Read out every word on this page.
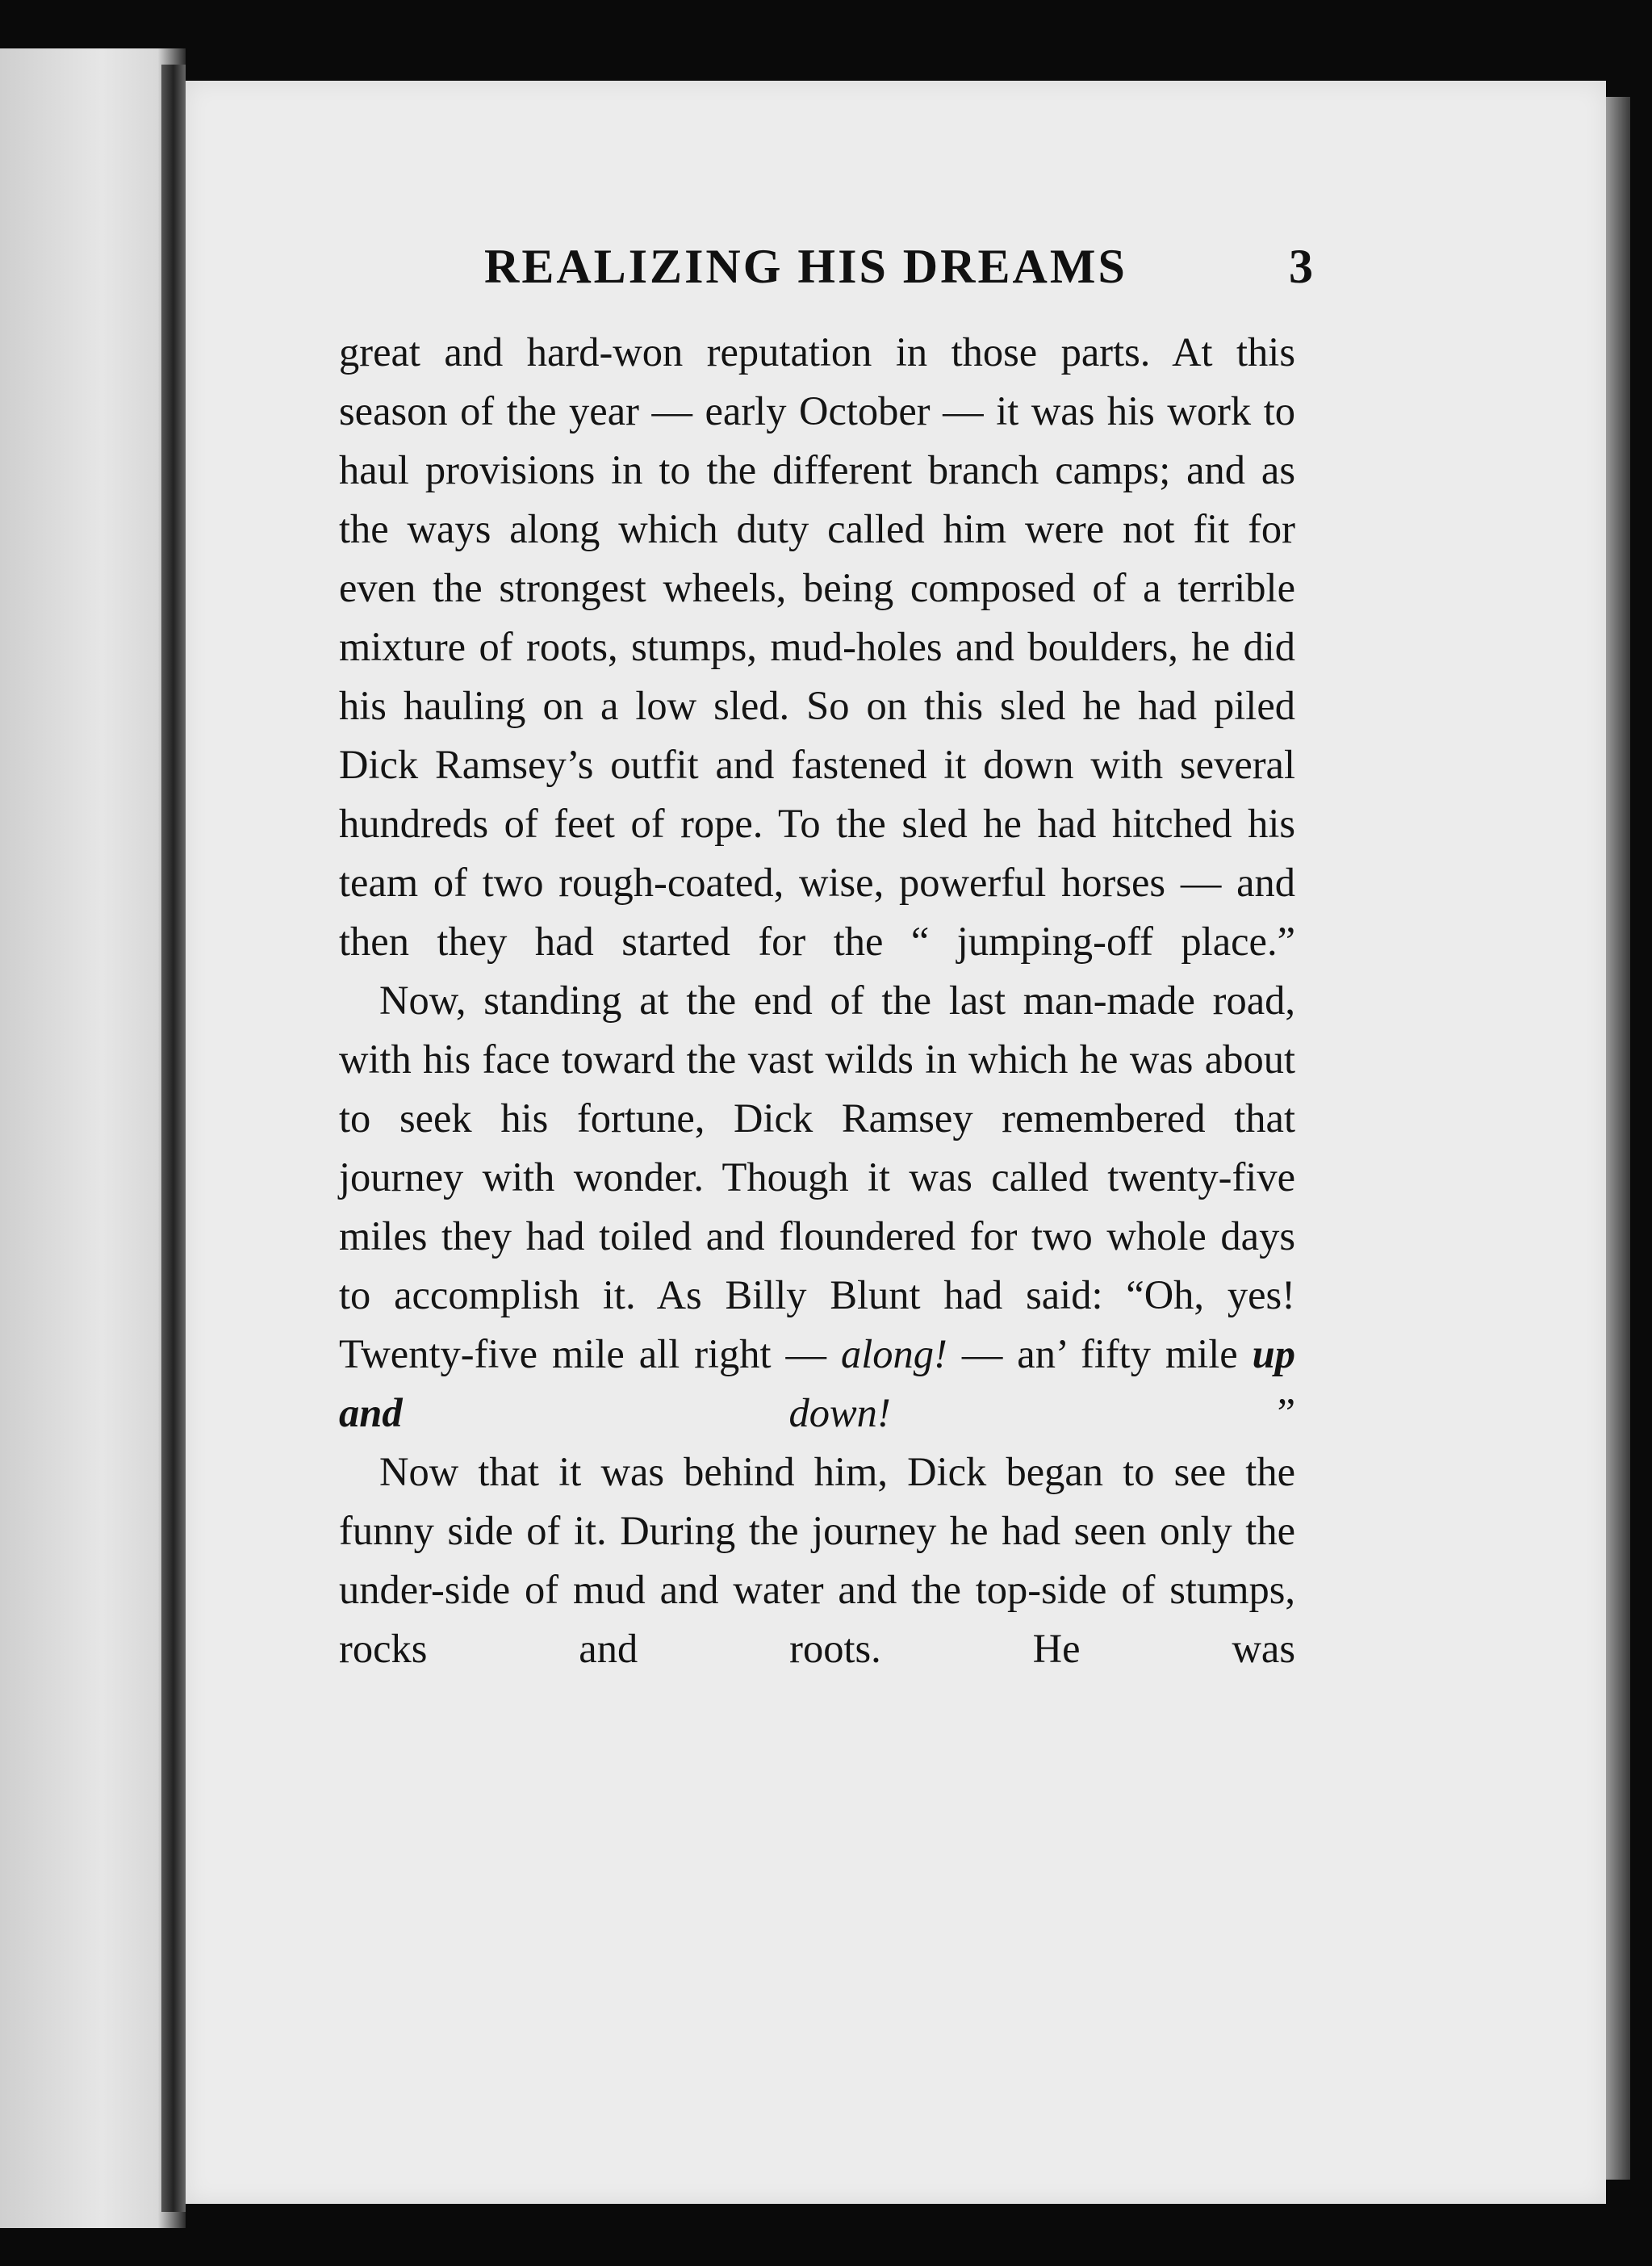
REALIZING HIS DREAMS	3

great and hard-won reputation in those parts. At this season of the year — early October — it was his work to haul provisions in to the different branch camps; and as the ways along which duty called him were not fit for even the strongest wheels, being composed of a terrible mixture of roots, stumps, mud-holes and boulders, he did his hauling on a low sled. So on this sled he had piled Dick Ramsey’s outfit and fastened it down with several hundreds of feet of rope. To the sled he had hitched his team of two rough-coated, wise, powerful horses — and then they had started for the “ jumping-off place.”

Now, standing at the end of the last man-made road, with his face toward the vast wilds in which he was about to seek his fortune, Dick Ramsey remembered that journey with wonder. Though it was called twenty-five miles they had toiled and floundered for two whole days to accomplish it. As Billy Blunt had said: “Oh, yes! Twenty-five mile all right — along! — an’ fifty mile up and down! ”

Now that it was behind him, Dick began to see the funny side of it. During the journey he had seen only the under-side of mud and water and the top-side of stumps, rocks and roots. He was
